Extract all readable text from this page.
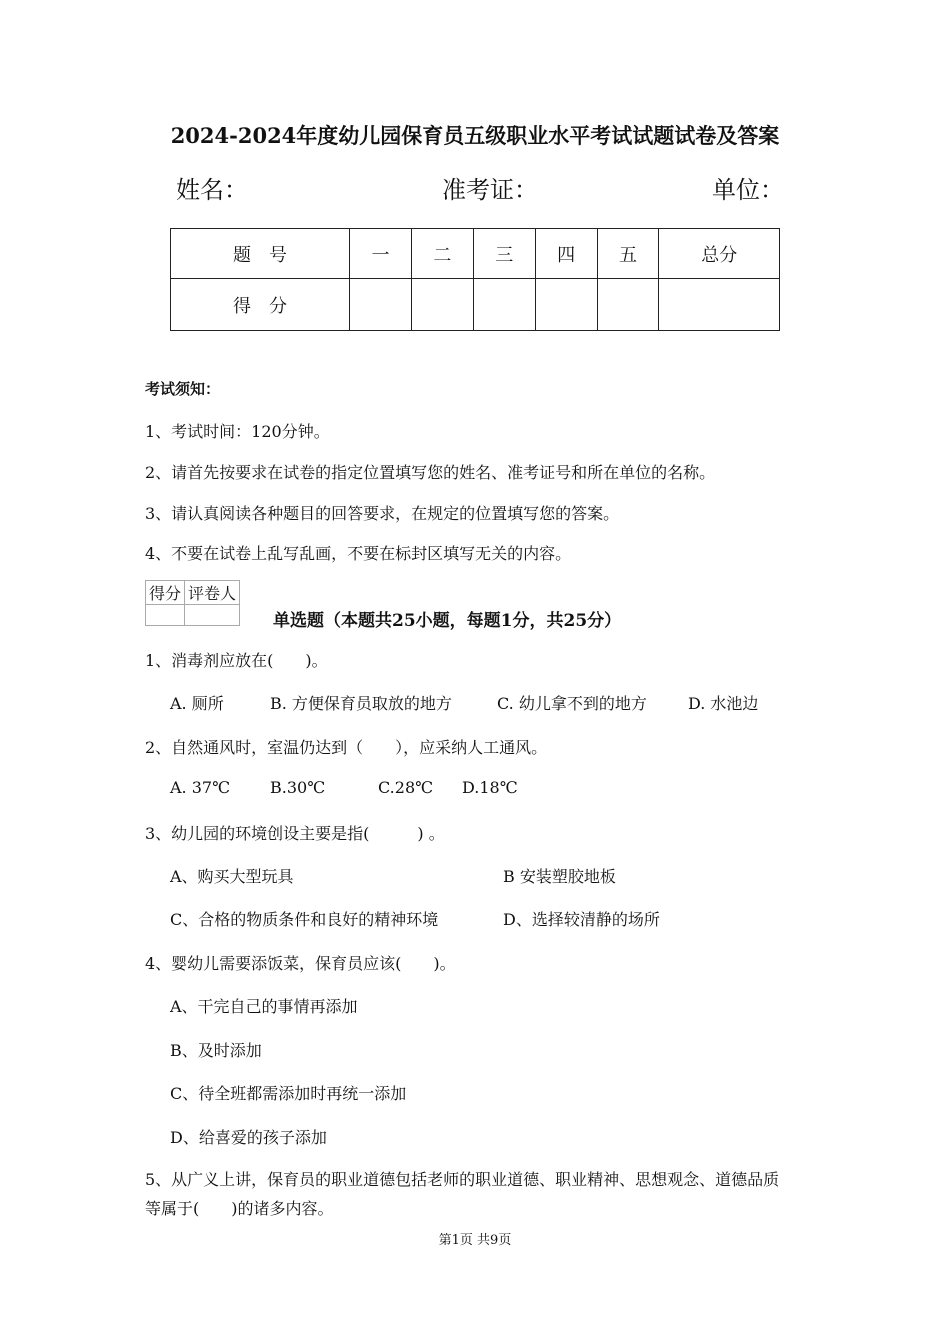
2024-2024年度幼儿园保育员五级职业水平考试试题试卷及答案
姓名：	准考证：	单位：
题　号	一	二	三	四	五	总分
得　分						
考试须知：
1、考试时间：120分钟。
2、请首先按要求在试卷的指定位置填写您的姓名、准考证号和所在单位的名称。
3、请认真阅读各种题目的回答要求，在规定的位置填写您的答案。
4、不要在试卷上乱写乱画，不要在标封区填写无关的内容。
得分	评卷人

单选题（本题共25小题，每题1分，共25分）
1、消毒剂应放在(　　)。
A. 厕所	B. 方便保育员取放的地方	C. 幼儿拿不到的地方	D. 水池边
2、自然通风时，室温仍达到（　　），应采纳人工通风。
A. 37℃	B.30℃	C.28℃ D.18℃
3、幼儿园的环境创设主要是指(　　　) 。
A、购买大型玩具	B 安装塑胶地板
C、合格的物质条件和良好的精神环境	D、选择较清静的场所
4、婴幼儿需要添饭菜，保育员应该(　　)。
A、干完自己的事情再添加
B、及时添加
C、待全班都需添加时再统一添加
D、给喜爱的孩子添加
5、从广义上讲，保育员的职业道德包括老师的职业道德、职业精神、思想观念、道德品质
等属于(　　)的诸多内容。
第1页 共9页
